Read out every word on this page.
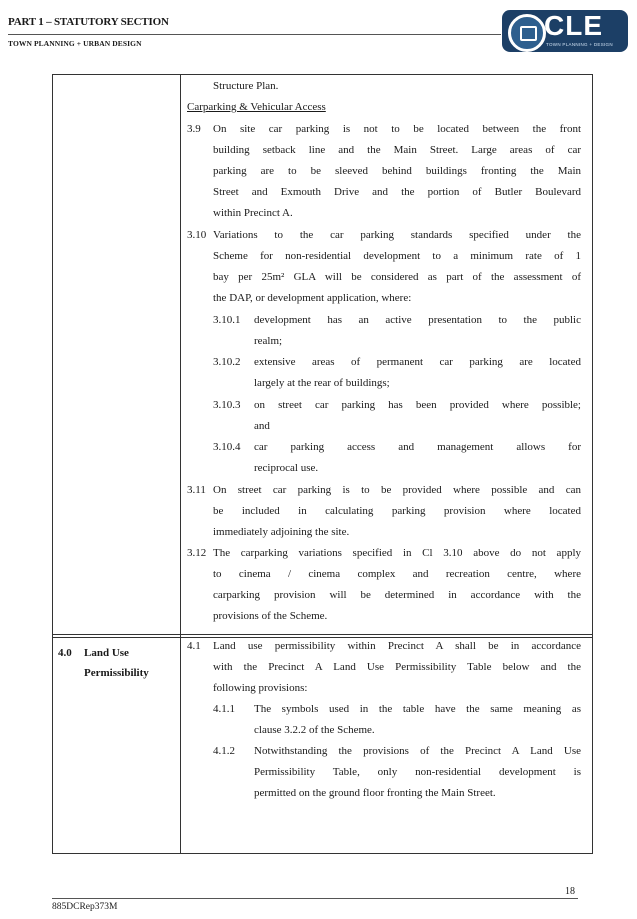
PART 1 – STATUTORY SECTION
TOWN PLANNING + URBAN DESIGN
CLE
TOWN PLANNING + DESIGN
Structure Plan.
Carparking & Vehicular Access
3.9 On site car parking is not to be located between the front
building setback line and the Main Street. Large areas of car
parking are to be sleeved behind buildings fronting the Main
Street and Exmouth Drive and the portion of Butler Boulevard
within Precinct A.
3.10 Variations to the car parking standards specified under the
Scheme for non-residential development to a minimum rate of 1
bay per 25m² GLA will be considered as part of the assessment of
the DAP, or development application, where:
3.10.1 development has an active presentation to the public
realm;
3.10.2 extensive areas of permanent car parking are located
largely at the rear of buildings;
3.10.3 on street car parking has been provided where possible;
and
3.10.4 car parking access and management allows for
reciprocal use.
3.11 On street car parking is to be provided where possible and can
be included in calculating parking provision where located
immediately adjoining the site.
3.12 The carparking variations specified in Cl 3.10 above do not apply
to cinema / cinema complex and recreation centre, where
carparking provision will be determined in accordance with the
provisions of the Scheme.
4.0 Land Use
Permissibility
4.1 Land use permissibility within Precinct A shall be in accordance
with the Precinct A Land Use Permissibility Table below and the
following provisions:
4.1.1 The symbols used in the table have the same meaning as
clause 3.2.2 of the Scheme.
4.1.2 Notwithstanding the provisions of the Precinct A Land Use
Permissibility Table, only non-residential development is
permitted on the ground floor fronting the Main Street.
18
885DCRep373M
